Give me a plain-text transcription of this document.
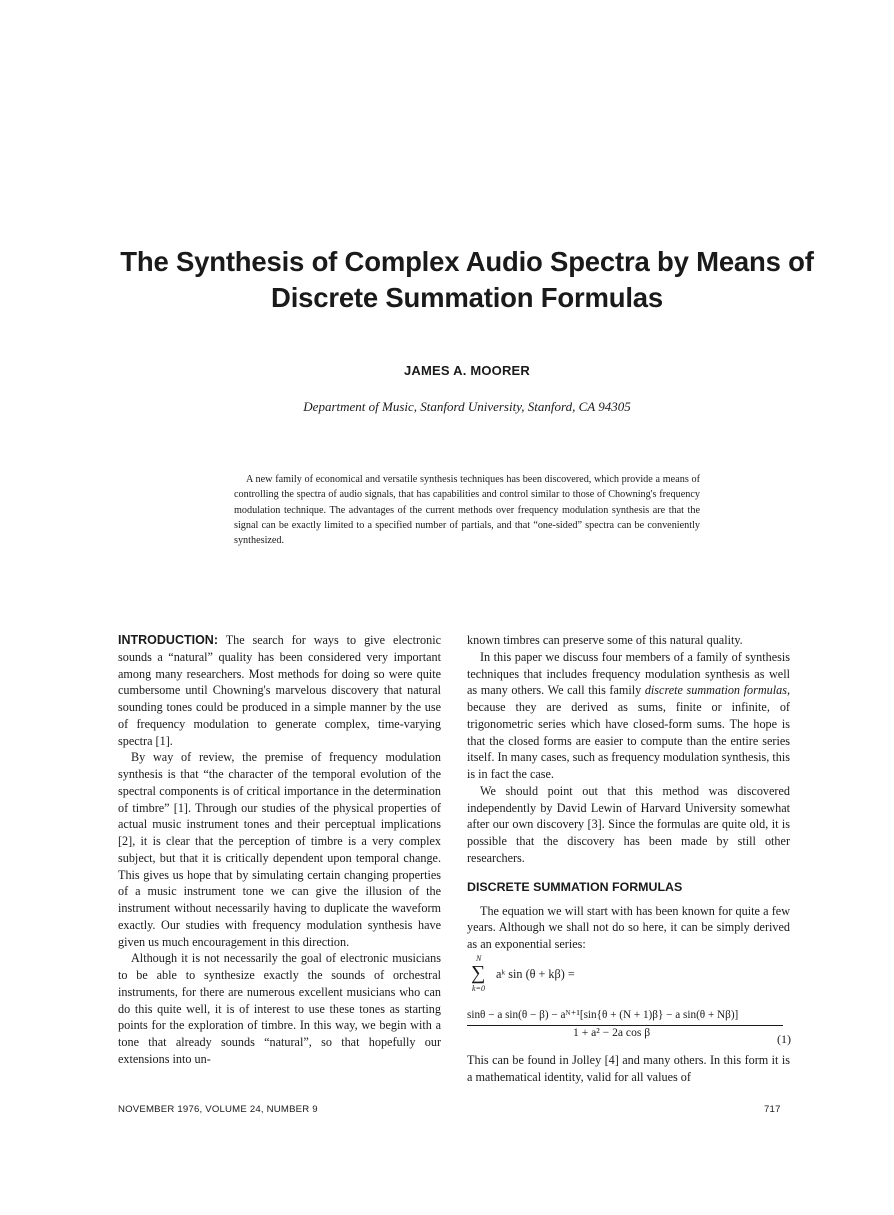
The Synthesis of Complex Audio Spectra by Means of
Discrete Summation Formulas
JAMES A. MOORER
Department of Music, Stanford University, Stanford, CA 94305
A new family of economical and versatile synthesis techniques has been discovered, which provide a means of controlling the spectra of audio signals, that has capabilities and control similar to those of Chowning's frequency modulation technique. The advantages of the current methods over frequency modulation synthesis are that the signal can be exactly limited to a specified number of partials, and that “one-sided” spectra can be conveniently synthesized.

INTRODUCTION: The search for ways to give electronic sounds a “natural” quality has been considered very important among many researchers. Most methods for doing so were quite cumbersome until Chowning's marvelous discovery that natural sounding tones could be produced in a simple manner by the use of frequency modulation to generate complex, time-varying spectra [1].

By way of review, the premise of frequency modulation synthesis is that “the character of the temporal evolution of the spectral components is of critical importance in the determination of timbre” [1]. Through our studies of the physical properties of actual music instrument tones and their perceptual implications [2], it is clear that the perception of timbre is a very complex subject, but that it is critically dependent upon temporal change. This gives us hope that by simulating certain changing properties of a music instrument tone we can give the illusion of the instrument without necessarily having to duplicate the waveform exactly. Our studies with frequency modulation synthesis have given us much encouragement in this direction.

Although it is not necessarily the goal of electronic musicians to be able to synthesize exactly the sounds of orchestral instruments, for there are numerous excellent musicians who can do this quite well, it is of interest to use these tones as starting points for the exploration of timbre. In this way, we begin with a tone that already sounds “natural”, so that hopefully our extensions into un-

known timbres can preserve some of this natural quality.

In this paper we discuss four members of a family of synthesis techniques that includes frequency modulation synthesis as well as many others. We call this family discrete summation formulas, because they are derived as sums, finite or infinite, of trigonometric series which have closed-form sums. The hope is that the closed forms are easier to compute than the entire series itself. In many cases, such as frequency modulation synthesis, this is in fact the case.

We should point out that this method was discovered independently by David Lewin of Harvard University somewhat after our own discovery [3]. Since the formulas are quite old, it is possible that the discovery has been made by still other researchers.

DISCRETE SUMMATION FORMULAS

The equation we will start with has been known for quite a few years. Although we shall not do so here, it can be simply derived as an exponential series:

N
∑
k=0
aᵏ sin (θ + kβ) =
sinθ − a sin(θ − β) − aᴺ⁺¹[sin{θ + (N + 1)β} − a sin(θ + Nβ)]
1 + a² − 2a cos β	(1)

This can be found in Jolley [4] and many others. In this form it is a mathematical identity, valid for all values of

NOVEMBER 1976, VOLUME 24, NUMBER 9	717
